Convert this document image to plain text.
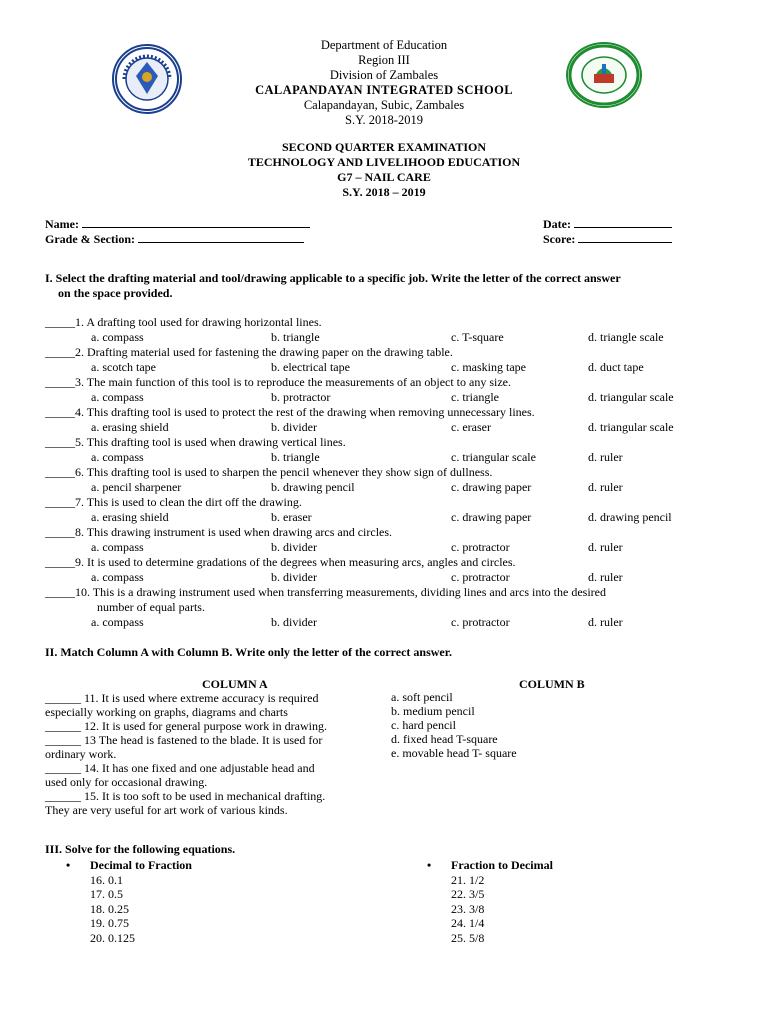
Department of Education
Region III
Division of Zambales
CALAPANDAYAN INTEGRATED SCHOOL
Calapandayan, Subic, Zambales
S.Y. 2018-2019
SECOND QUARTER EXAMINATION
TECHNOLOGY AND LIVELIHOOD EDUCATION
G7 – NAIL CARE
S.Y. 2018 – 2019
Name:
Grade & Section:
Date:
Score:
I. Select the drafting material and tool/drawing applicable to a specific job. Write the letter of the correct answer
on the space provided.
_____1. A drafting tool used for drawing horizontal lines.
a. compass	b. triangle	c. T-square	d. triangle scale
_____2. Drafting material used for fastening the drawing paper on the drawing table.
a. scotch tape	b. electrical tape	c. masking tape	d. duct tape
_____3. The main function of this tool is to reproduce the measurements of an object to any size.
a. compass	b. protractor	c. triangle	d. triangular scale
_____4. This drafting tool is used to protect the rest of the drawing when removing unnecessary lines.
a. erasing shield	b. divider	c. eraser	d. triangular scale
_____5. This drafting tool is used when drawing vertical lines.
a. compass	b. triangle	c. triangular scale	d. ruler
_____6. This drafting tool is used to sharpen the pencil whenever they show sign of dullness.
a. pencil sharpener	b. drawing pencil	c. drawing paper	d. ruler
_____7. This is used to clean the dirt off the drawing.
a. erasing shield	b. eraser	c. drawing paper	d. drawing pencil
_____8. This drawing instrument is used when drawing arcs and circles.
a. compass	b. divider	c. protractor	d. ruler
_____9. It is used to determine gradations of the degrees when measuring arcs, angles and circles.
a. compass	b. divider	c. protractor	d. ruler
_____10. This is a drawing instrument used when transferring measurements, dividing lines and arcs into the desired
number of equal parts.
a. compass	b. divider	c. protractor	d. ruler
II. Match Column A with Column B. Write only the letter of the correct answer.
COLUMN A	COLUMN B
______ 11. It is used where extreme accuracy is required
especially working on graphs, diagrams and charts
______ 12. It is used for general purpose work in drawing.
______ 13 The head is fastened to the blade. It is used for
ordinary work.
______ 14. It has one fixed and one adjustable head and
used only for occasional drawing.
______ 15. It is too soft to be used in mechanical drafting.
They are very useful for art work of various kinds.
a. soft pencil
b. medium pencil
c. hard pencil
d. fixed head T-square
e. movable head T- square
III. Solve for the following equations.
• Decimal to Fraction
16. 0.1
17. 0.5
18. 0.25
19. 0.75
20. 0.125
• Fraction to Decimal
21. 1/2
22. 3/5
23. 3/8
24. 1/4
25. 5/8
